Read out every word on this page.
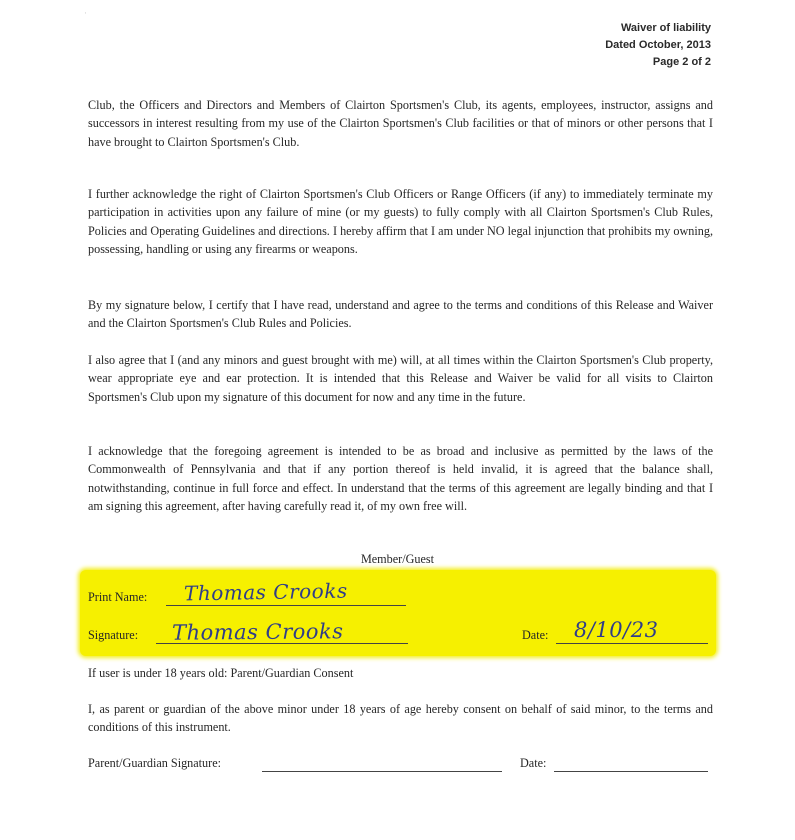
·
Waiver of liability
Dated October, 2013
Page 2 of 2
Club, the Officers and Directors and Members of Clairton Sportsmen's Club, its agents, employees, instructor, assigns and successors in interest resulting from my use of the Clairton Sportsmen's Club facilities or that of minors or other persons that I have brought to Clairton Sportsmen's Club.
I further acknowledge the right of Clairton Sportsmen's Club Officers or Range Officers (if any) to immediately terminate my participation in activities upon any failure of mine (or my guests) to fully comply with all Clairton Sportsmen's Club Rules, Policies and Operating Guidelines and directions. I hereby affirm that I am under NO legal injunction that prohibits my owning, possessing, handling or using any firearms or weapons.
By my signature below, I certify that I have read, understand and agree to the terms and conditions of this Release and Waiver and the Clairton Sportsmen's Club Rules and Policies.
I also agree that I (and any minors and guest brought with me) will, at all times within the Clairton Sportsmen's Club property, wear appropriate eye and ear protection. It is intended that this Release and Waiver be valid for all visits to Clairton Sportsmen's Club upon my signature of this document for now and any time in the future.
I acknowledge that the foregoing agreement is intended to be as broad and inclusive as permitted by the laws of the Commonwealth of Pennsylvania and that if any portion thereof is held invalid, it is agreed that the balance shall, notwithstanding, continue in full force and effect. In understand that the terms of this agreement are legally binding and that I am signing this agreement, after having carefully read it, of my own free will.
Member/Guest
Print Name: Thomas Crooks
Signature: Thomas Crooks	Date: 8/10/23
If user is under 18 years old: Parent/Guardian Consent
I, as parent or guardian of the above minor under 18 years of age hereby consent on behalf of said minor, to the terms and conditions of this instrument.
Parent/Guardian Signature:	Date:
